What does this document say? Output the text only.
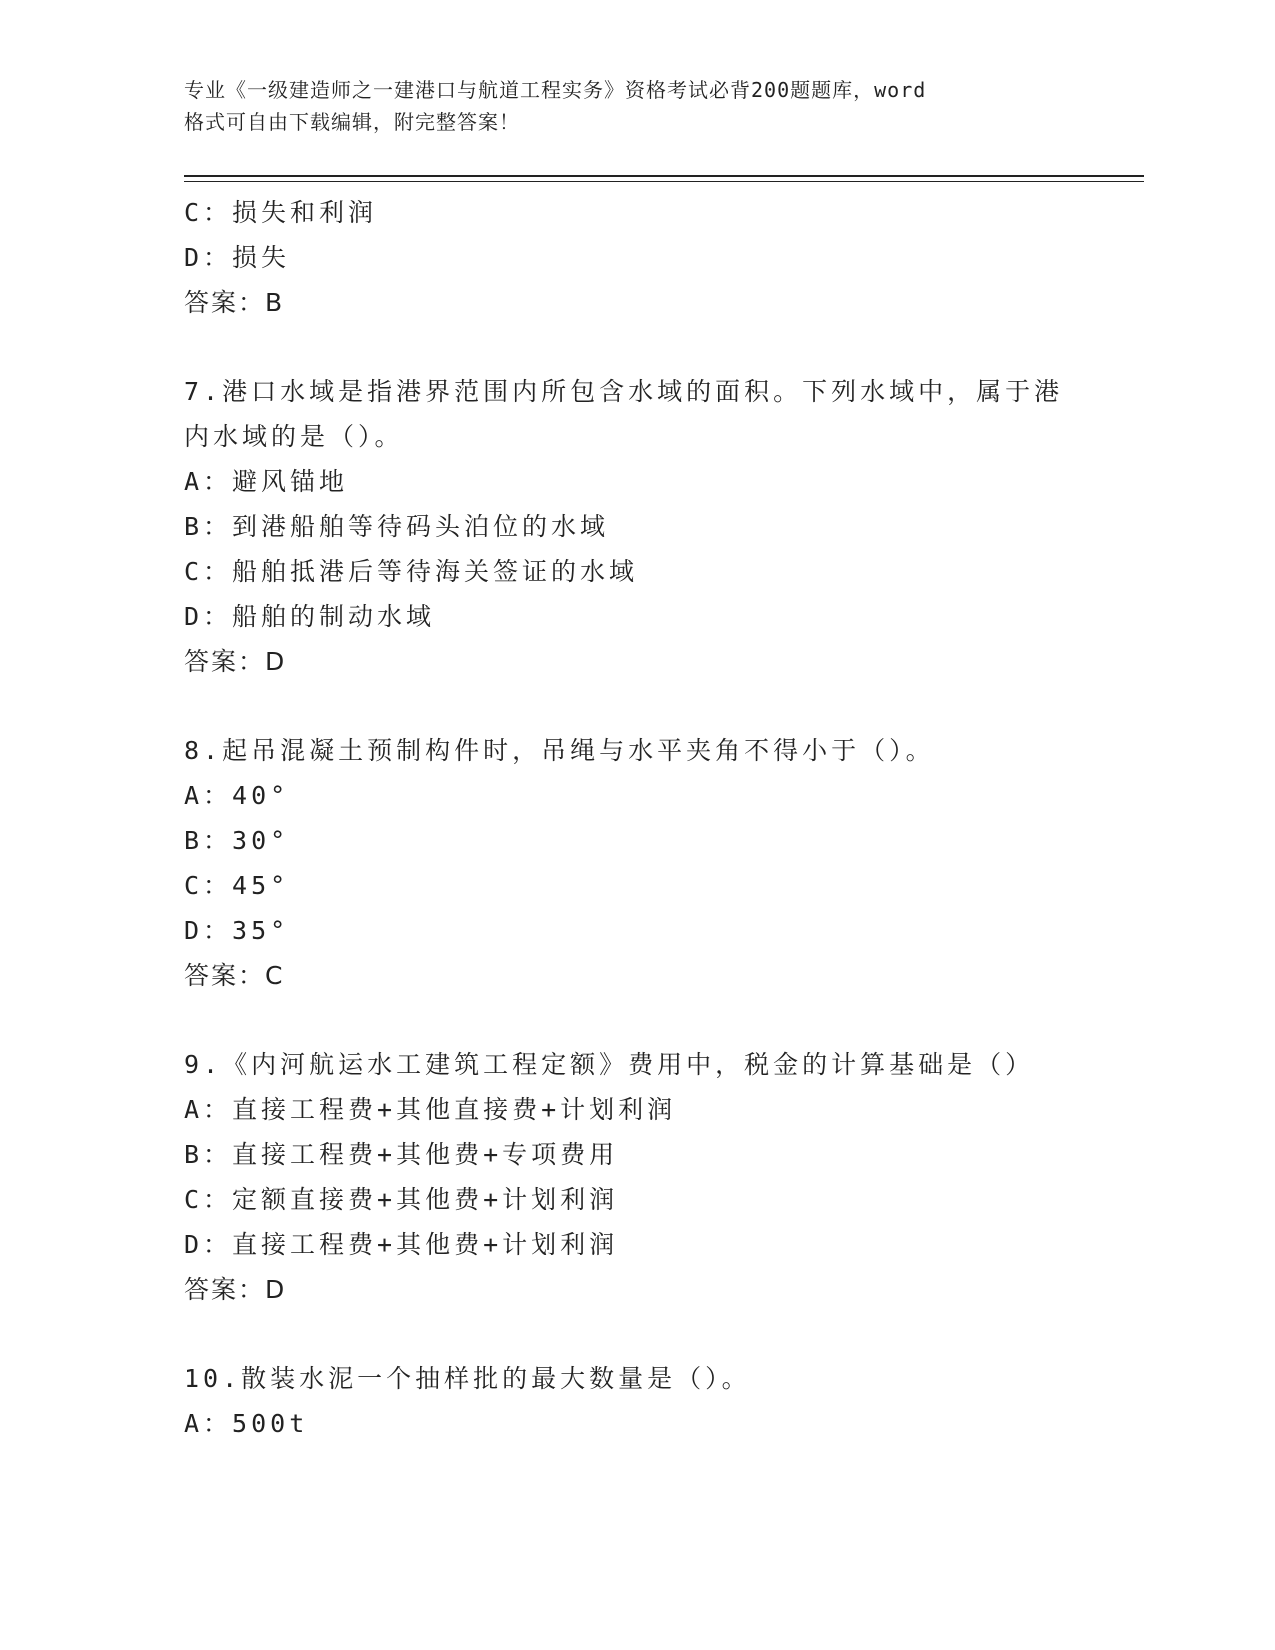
专业《一级建造师之一建港口与航道工程实务》资格考试必背200题题库，word
格式可自由下载编辑，附完整答案！
C：损失和利润
D：损失
答案：B
7.港口水域是指港界范围内所包含水域的面积。下列水域中，属于港
内水域的是（）。
A：避风锚地
B：到港船舶等待码头泊位的水域
C：船舶抵港后等待海关签证的水域
D：船舶的制动水域
答案：D
8.起吊混凝土预制构件时，吊绳与水平夹角不得小于（）。
A：40°
B：30°
C：45°
D：35°
答案：C
9.《内河航运水工建筑工程定额》费用中，税金的计算基础是（）
A：直接工程费+其他直接费+计划利润
B：直接工程费+其他费+专项费用
C：定额直接费+其他费+计划利润
D：直接工程费+其他费+计划利润
答案：D
10.散装水泥一个抽样批的最大数量是（）。
A：500t
